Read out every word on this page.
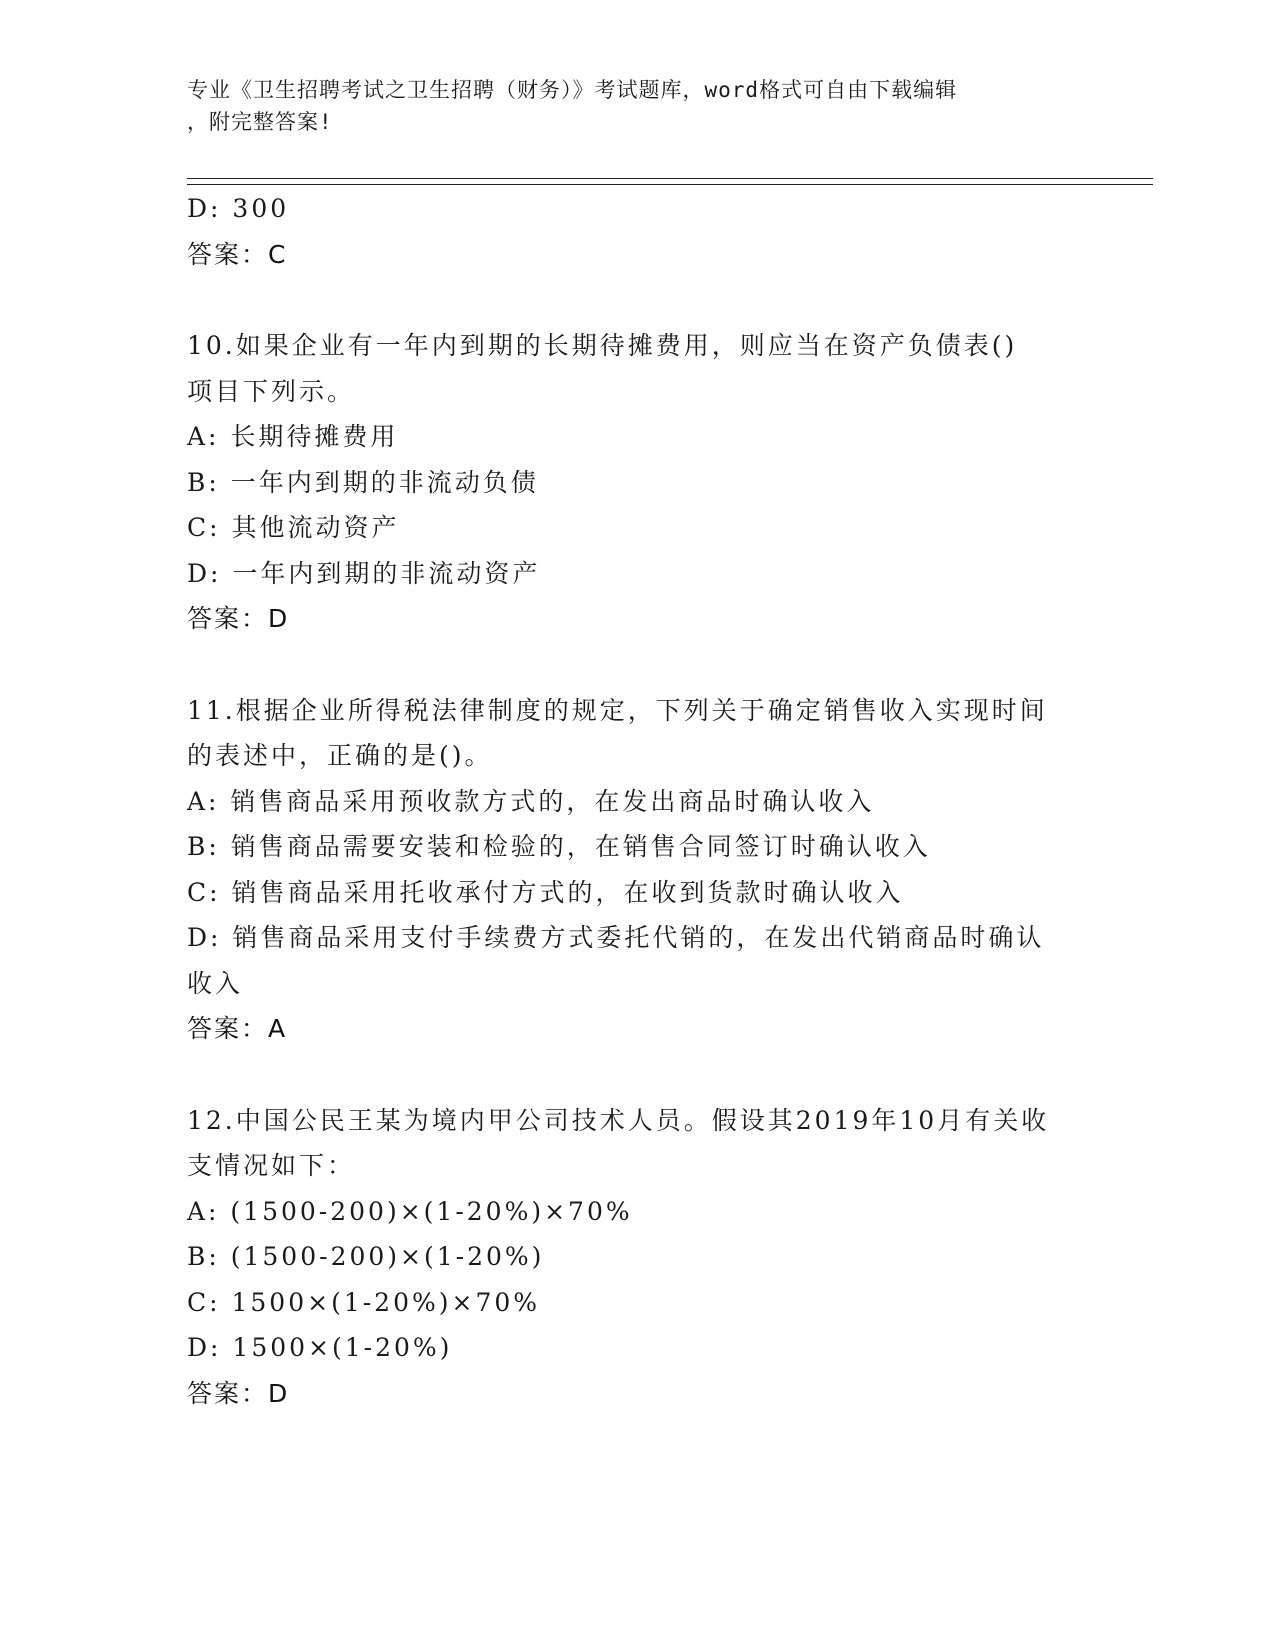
专业《卫生招聘考试之卫生招聘（财务）》考试题库，word格式可自由下载编辑
，附完整答案!
D: 300
答案：C
10.如果企业有一年内到期的长期待摊费用，则应当在资产负债表()
项目下列示。
A: 长期待摊费用
B: 一年内到期的非流动负债
C: 其他流动资产
D: 一年内到期的非流动资产
答案：D
11.根据企业所得税法律制度的规定，下列关于确定销售收入实现时间
的表述中，正确的是()。
A: 销售商品采用预收款方式的，在发出商品时确认收入
B: 销售商品需要安装和检验的，在销售合同签订时确认收入
C: 销售商品采用托收承付方式的，在收到货款时确认收入
D: 销售商品采用支付手续费方式委托代销的，在发出代销商品时确认
收入
答案：A
12.中国公民王某为境内甲公司技术人员。假设其2019年10月有关收
支情况如下：
A: (1500-200)×(1-20%)×70%
B: (1500-200)×(1-20%)
C: 1500×(1-20%)×70%
D: 1500×(1-20%)
答案：D
